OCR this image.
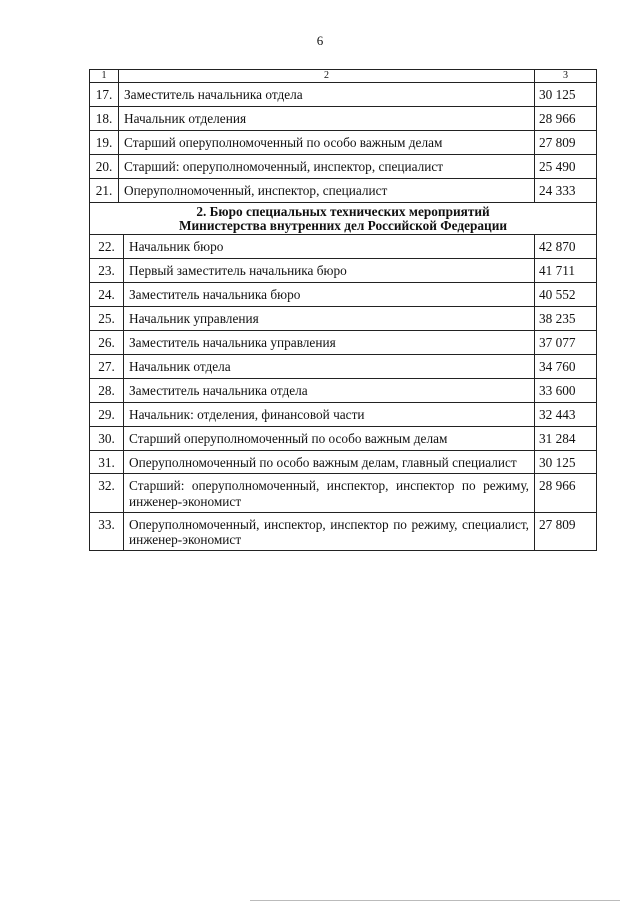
6
1	2		3
17.	Заместитель начальника отдела		30 125
18.	Начальник отделения		28 966
19.	Старший оперуполномоченный по особо важным делам		27 809
20.	Старший: оперуполномоченный, инспектор, специалист		25 490
21.	Оперуполномоченный, инспектор, специалист		24 333

2. Бюро специальных технических мероприятий
Министерства внутренних дел Российской Федерации			

22.		Начальник бюро	42 870
23.		Первый заместитель начальника бюро	41 711
24.		Заместитель начальника бюро	40 552
25.		Начальник управления	38 235
26.		Заместитель начальника управления	37 077
27.		Начальник отдела	34 760
28.		Заместитель начальника отдела	33 600
29.		Начальник: отделения, финансовой части	32 443
30.		Старший оперуполномоченный по особо важным делам	31 284
31.		Оперуполномоченный по особо важным делам, главный специалист	30 125
32.		Старший: оперуполномоченный, инспектор, инспектор по режиму, инженер-экономист	28 966
33.		Оперуполномоченный, инспектор, инспектор по режиму, специалист, инженер-экономист	27 809
